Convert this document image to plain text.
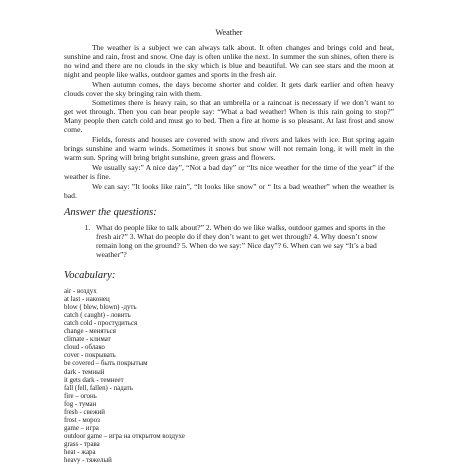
Weather

The weather is a subject we can always talk about. It often changes and brings cold and heat, sunshine and rain, frost and snow. One day is often unlike the next. In summer the sun shines, often there is no wind and there are no clouds in the sky which is blue and beautiful. We can see stars and the moon at night and people like walks, outdoor games and sports in the fresh air.

When autumn comes, the days become shorter and colder. It gets dark earlier and often heavy clouds cover the sky bringing rain with them.

Sometimes there is heavy rain, so that an umbrella or a raincoat is necessary if we don’t want to get wet through. Then you can hear people say: “What a bad weather! When is this rain going to stop?” Many people then catch cold and must go to bed. Then a fire at home is so pleasant. At last frost and snow come.

Fields, forests and houses are covered with snow and rivers and lakes with ice. But spring again brings sunshine and warm winds. Sometimes it snows but snow will not remain long, it will melt in the warm sun. Spring will bring bright sunshine, green grass and flowers.

We usually say:” A nice day”, “Not a bad day” or “Its nice weather for the time of the year” if the weather is fine.

We can say: ”It looks like rain”, “It looks like snow” or “ Its a bad weather” when the weather is bad.

Answer the questions:
1. What do people like to talk about?” 2. When do we like walks, outdoor games and sports in the fresh air?” 3. What do people do if they don’t want to get wet through? 4. Why doesn’t snow remain long on the ground? 5. When do we say:” Nice day”? 6. When can we say “It’s a bad weather”?
Vocabulary:
air - воздух
at last - наконец
blow ( blew, blown) -дуть
catch ( caught) - ловить
catch cold - простудиться
change - меняться
climate - климат
cloud - облако
cover - покрывать
be covered – быть покрытым
dark - темный
it gets dark - темнеет
fall (fell, fallen) - падать
fire – огонь
fog - туман
fresh - свежий
frost - мороз
game – игра
outdoor game – игра на открытом воздухе
grass - трава
heat - жара
heavy - тяжелый
